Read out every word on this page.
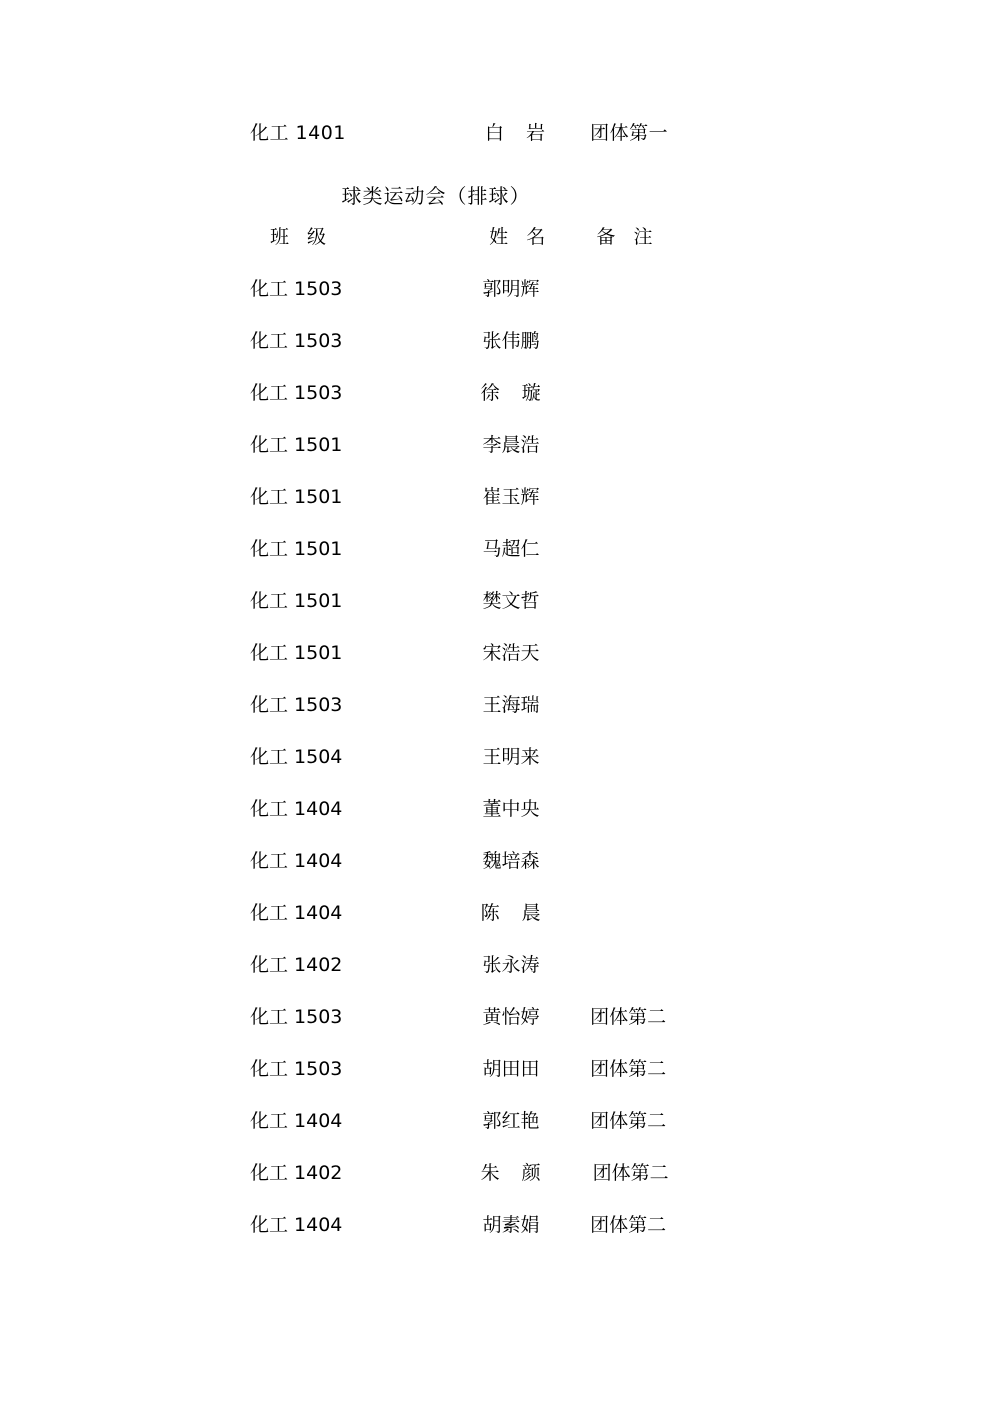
化工 1401	白 岩	团体第一
球类运动会（排球）
班 级	姓 名	备 注
化工 1503	郭明辉
化工 1503	张伟鹏
化工 1503	徐 璇
化工 1501	李晨浩
化工 1501	崔玉辉
化工 1501	马超仁
化工 1501	樊文哲
化工 1501	宋浩天
化工 1503	王海瑞
化工 1504	王明来
化工 1404	董中央
化工 1404	魏培森
化工 1404	陈 晨
化工 1402	张永涛
化工 1503	黄怡婷	团体第二
化工 1503	胡田田	团体第二
化工 1404	郭红艳	团体第二
化工 1402	朱 颜	团体第二
化工 1404	胡素娟	团体第二
